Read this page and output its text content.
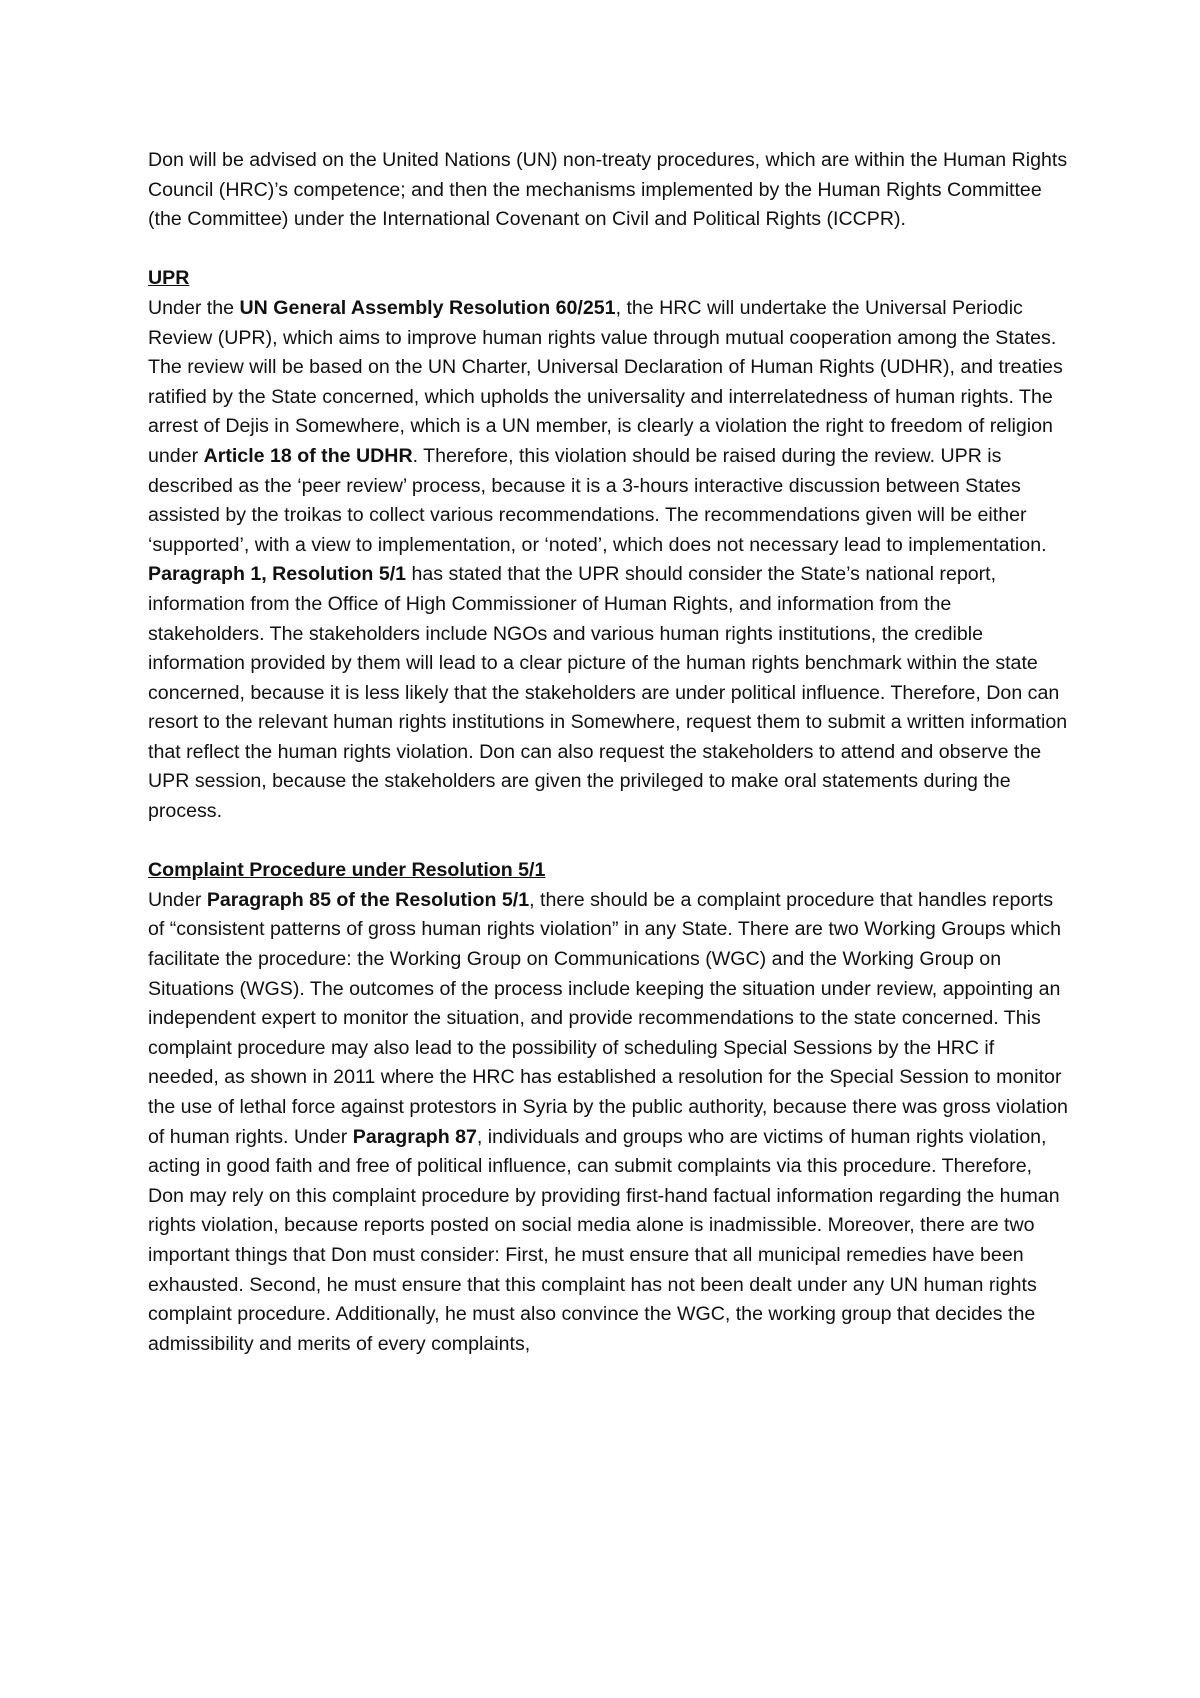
Don will be advised on the United Nations (UN) non-treaty procedures, which are within the Human Rights Council (HRC)’s competence; and then the mechanisms implemented by the Human Rights Committee (the Committee) under the International Covenant on Civil and Political Rights (ICCPR).

UPR

Under the UN General Assembly Resolution 60/251, the HRC will undertake the Universal Periodic Review (UPR), which aims to improve human rights value through mutual cooperation among the States. The review will be based on the UN Charter, Universal Declaration of Human Rights (UDHR), and treaties ratified by the State concerned, which upholds the universality and interrelatedness of human rights. The arrest of Dejis in Somewhere, which is a UN member, is clearly a violation the right to freedom of religion under Article 18 of the UDHR. Therefore, this violation should be raised during the review. UPR is described as the ‘peer review’ process, because it is a 3-hours interactive discussion between States assisted by the troikas to collect various recommendations. The recommendations given will be either ‘supported’, with a view to implementation, or ‘noted’, which does not necessary lead to implementation. Paragraph 1, Resolution 5/1 has stated that the UPR should consider the State’s national report, information from the Office of High Commissioner of Human Rights, and information from the stakeholders. The stakeholders include NGOs and various human rights institutions, the credible information provided by them will lead to a clear picture of the human rights benchmark within the state concerned, because it is less likely that the stakeholders are under political influence. Therefore, Don can resort to the relevant human rights institutions in Somewhere, request them to submit a written information that reflect the human rights violation. Don can also request the stakeholders to attend and observe the UPR session, because the stakeholders are given the privileged to make oral statements during the process.

Complaint Procedure under Resolution 5/1

Under Paragraph 85 of the Resolution 5/1, there should be a complaint procedure that handles reports of “consistent patterns of gross human rights violation” in any State. There are two Working Groups which facilitate the procedure: the Working Group on Communications (WGC) and the Working Group on Situations (WGS). The outcomes of the process include keeping the situation under review, appointing an independent expert to monitor the situation, and provide recommendations to the state concerned. This complaint procedure may also lead to the possibility of scheduling Special Sessions by the HRC if needed, as shown in 2011 where the HRC has established a resolution for the Special Session to monitor the use of lethal force against protestors in Syria by the public authority, because there was gross violation of human rights. Under Paragraph 87, individuals and groups who are victims of human rights violation, acting in good faith and free of political influence, can submit complaints via this procedure. Therefore, Don may rely on this complaint procedure by providing first-hand factual information regarding the human rights violation, because reports posted on social media alone is inadmissible. Moreover, there are two important things that Don must consider: First, he must ensure that all municipal remedies have been exhausted. Second, he must ensure that this complaint has not been dealt under any UN human rights complaint procedure. Additionally, he must also convince the WGC, the working group that decides the admissibility and merits of every complaints,
